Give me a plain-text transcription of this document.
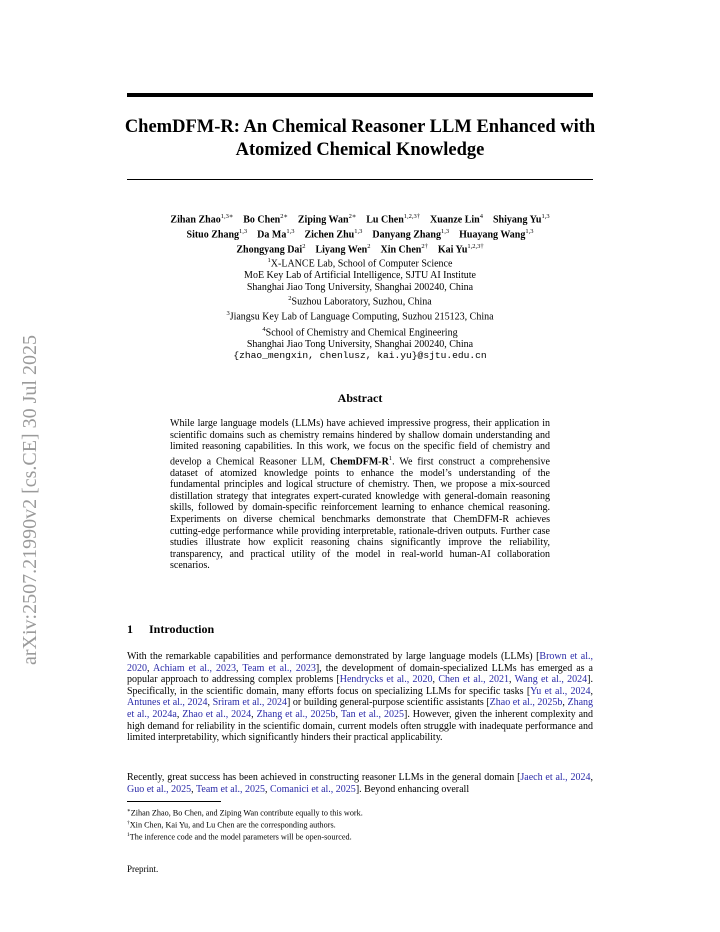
arXiv:2507.21990v2 [cs.CE] 30 Jul 2025
ChemDFM-R: An Chemical Reasoner LLM Enhanced with Atomized Chemical Knowledge
Zihan Zhao$^{1,3∗}$ Bo Chen$^{2∗}$ Ziping Wan$^{2∗}$ Lu Chen$^{1,2,3\dagger}$ Xuanze Lin$^4$ Shiyang Yu$^{1,3}$
Situo Zhang$^{1,3}$ Da Ma$^{1,3}$ Zichen Zhu$^{1,3}$ Danyang Zhang$^{1,3}$ Huayang Wang$^{1,3}$
Zhongyang Dai$^2$ Liyang Wen$^2$ Xin Chen$^{2\dagger}$ Kai $Yu^{1,2,3\dagger}$
$^1$X-LANCE Lab, School of Computer Science
MoE Key Lab of Artificial Intelligence, SJTU AI Institute
Shanghai Jiao Tong University, Shanghai 200240, China
$^2$Suzhou Laboratory, Suzhou, China
$^3$Jiangsu Key Lab of Language Computing, Suzhou 215123, China
$^4$School of Chemistry and Chemical Engineering
Shanghai Jiao Tong University, Shanghai 200240, China
{zhao_mengxin, chenlusz, kai.yu}@sjtu.edu.cn
Abstract
While large language models (LLMs) have achieved impressive progress, their application in scientific domains such as chemistry remains hindered by shallow domain understanding and limited reasoning capabilities. In this work, we focus on the specific field of chemistry and develop a Chemical Reasoner LLM, ChemDFM-$R^1$. We first construct a comprehensive dataset of atomized knowledge points to enhance the model’s understanding of the fundamental principles and logical structure of chemistry. Then, we propose a mix-sourced distillation strategy that integrates expert-curated knowledge with general-domain reasoning skills, followed by domain-specific reinforcement learning to enhance chemical reasoning. Experiments on diverse chemical benchmarks demonstrate that ChemDFM-R achieves cutting-edge performance while providing interpretable, rationale-driven outputs. Further case studies illustrate how explicit reasoning chains significantly improve the reliability, transparency, and practical utility of the model in real-world human-AI collaboration scenarios.
1 Introduction
With the remarkable capabilities and performance demonstrated by large language models (LLMs) [Brown et al., 2020, Achiam et al., 2023, Team et al., 2023], the development of domain-specialized LLMs has emerged as a popular approach to addressing complex problems [Hendrycks et al., 2020, Chen et al., 2021, Wang et al., 2024]. Specifically, in the scientific domain, many efforts focus on specializing LLMs for specific tasks [Yu et al., 2024, Antunes et al., 2024, Sriram et al., 2024] or building general-purpose scientific assistants [Zhao et al., 2025b, Zhang et al., 2024a, Zhao et al., 2024, Zhang et al., 2025b, Tan et al., 2025]. However, given the inherent complexity and high demand for reliability in the scientific domain, current models often struggle with inadequate performance and limited interpretability, which significantly hinders their practical applicability.
Recently, great success has been achieved in constructing reasoner LLMs in the general domain [Jaech et al., 2024, Guo et al., 2025, Team et al., 2025, Comanici et al., 2025]. Beyond enhancing overall
∗Zihan Zhao, Bo Chen, and Ziping Wan contribute equally to this work.
†Xin Chen, Kai Yu, and Lu Chen are the corresponding authors.
$^1$The inference code and the model parameters will be open-sourced.
Preprint.
